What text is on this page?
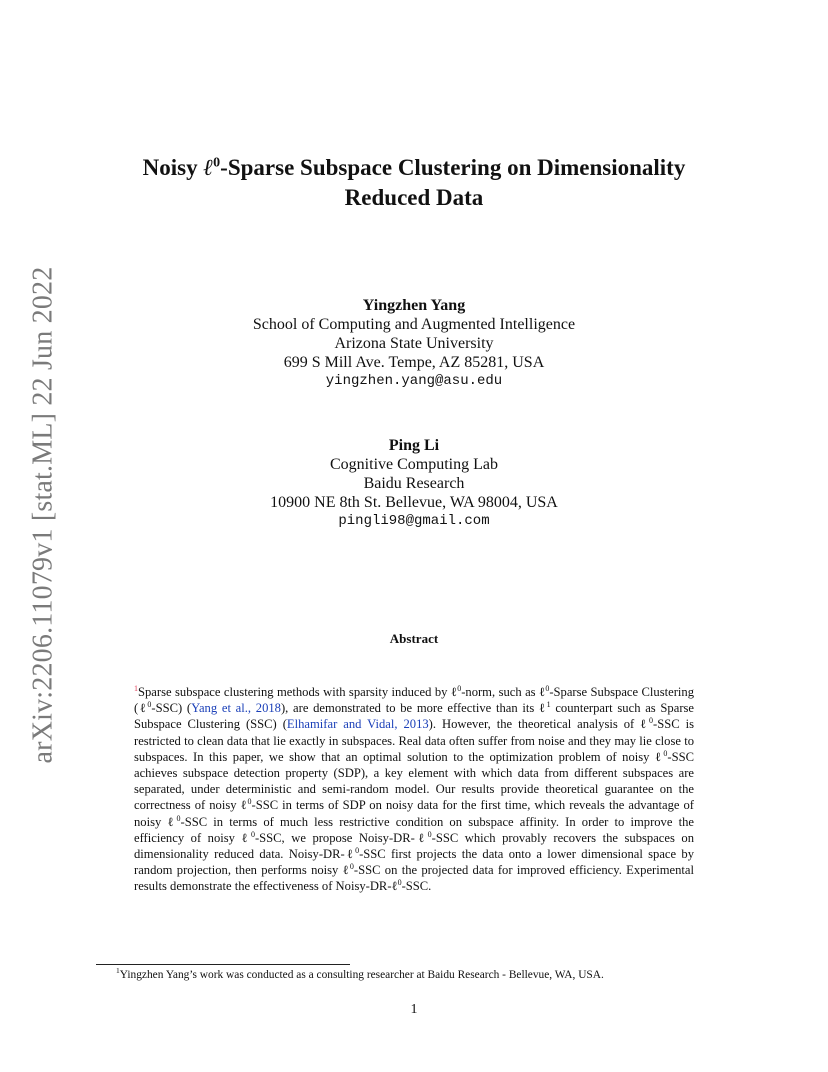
arXiv:2206.11079v1 [stat.ML] 22 Jun 2022
Noisy ℓ$^0$-Sparse Subspace Clustering on Dimensionality
Reduced Data
Yingzhen Yang
School of Computing and Augmented Intelligence
Arizona State University
699 S Mill Ave. Tempe, AZ 85281, USA
yingzhen.yang@asu.edu
Ping Li
Cognitive Computing Lab
Baidu Research
10900 NE 8th St. Bellevue, WA 98004, USA
pingli98@gmail.com
Abstract

$^1$Sparse subspace clustering methods with sparsity induced by ℓ$^0$-norm, such as ℓ$^0$-Sparse Subspace Clustering (ℓ$^0$-SSC) (Yang et al., 2018), are demonstrated to be more effective than its ℓ$^1$ counterpart such as Sparse Subspace Clustering (SSC) (Elhamifar and Vidal, 2013). However, the theoretical analysis of ℓ$^0$-SSC is restricted to clean data that lie exactly in subspaces. Real data often suffer from noise and they may lie close to subspaces. In this paper, we show that an optimal solution to the optimization problem of noisy ℓ$^0$-SSC achieves subspace detection property (SDP), a key element with which data from different subspaces are separated, under deterministic and semi-random model. Our results provide theoretical guarantee on the correctness of noisy ℓ$^0$-SSC in terms of SDP on noisy data for the first time, which reveals the advantage of noisy ℓ$^0$-SSC in terms of much less restrictive condition on subspace affinity. In order to improve the efficiency of noisy ℓ$^0$-SSC, we propose Noisy-DR-ℓ$^0$-SSC which provably recovers the subspaces on dimensionality reduced data. Noisy-DR-ℓ$^0$-SSC first projects the data onto a lower dimensional space by random projection, then performs noisy ℓ$^0$-SSC on the projected data for improved efficiency. Experimental results demonstrate the effectiveness of Noisy-DR-ℓ$^0$-SSC.

$^1$Yingzhen Yang’s work was conducted as a consulting researcher at Baidu Research - Bellevue, WA, USA.
1
